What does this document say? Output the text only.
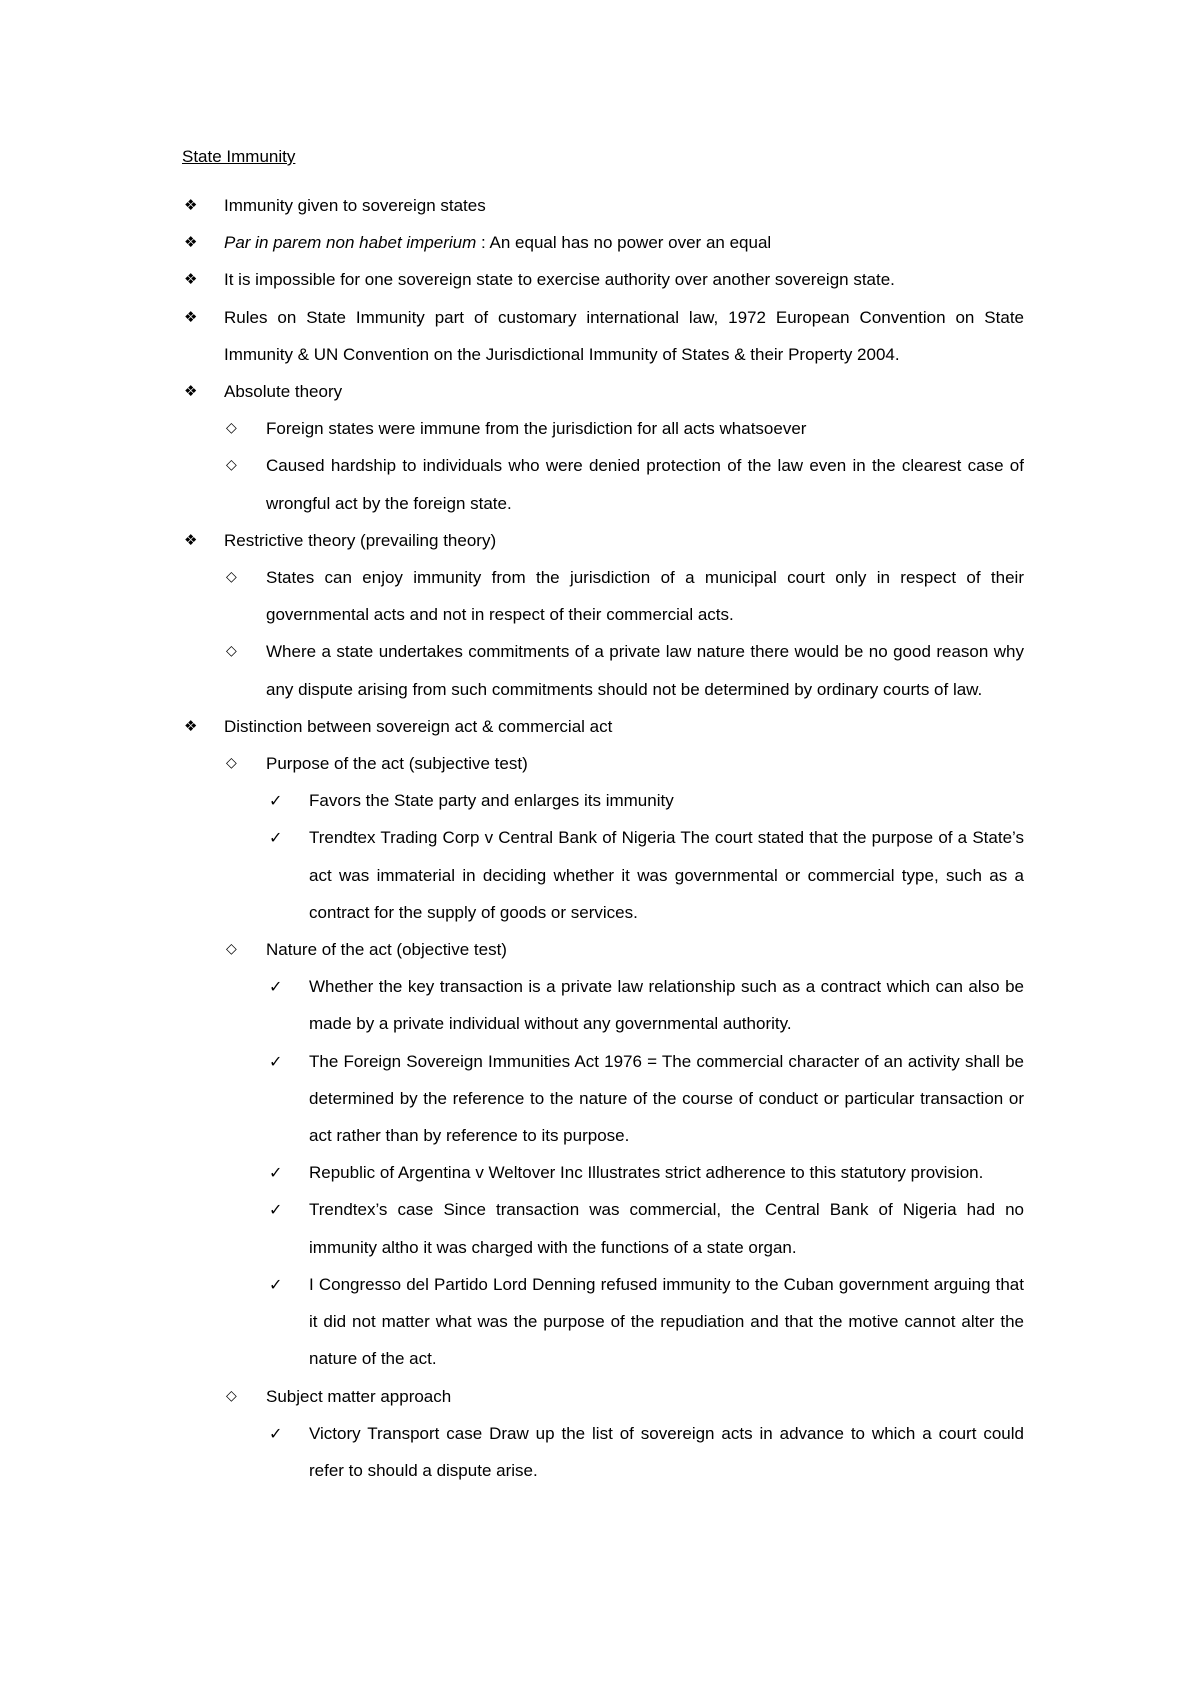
State Immunity
❖ Immunity given to sovereign states
❖ Par in parem non habet imperium : An equal has no power over an equal
❖ It is impossible for one sovereign state to exercise authority over another sovereign state.
❖ Rules on State Immunity part of customary international law, 1972 European Convention on State Immunity & UN Convention on the Jurisdictional Immunity of States & their Property 2004.
❖ Absolute theory
◇ Foreign states were immune from the jurisdiction for all acts whatsoever
◇ Caused hardship to individuals who were denied protection of the law even in the clearest case of wrongful act by the foreign state.
❖ Restrictive theory (prevailing theory)
◇ States can enjoy immunity from the jurisdiction of a municipal court only in respect of their governmental acts and not in respect of their commercial acts.
◇ Where a state undertakes commitments of a private law nature there would be no good reason why any dispute arising from such commitments should not be determined by ordinary courts of law.
❖ Distinction between sovereign act & commercial act
◇ Purpose of the act (subjective test)
✓ Favors the State party and enlarges its immunity
✓ Trendtex Trading Corp v Central Bank of Nigeria The court stated that the purpose of a State’s act was immaterial in deciding whether it was governmental or commercial type, such as a contract for the supply of goods or services.
◇ Nature of the act (objective test)
✓ Whether the key transaction is a private law relationship such as a contract which can also be made by a private individual without any governmental authority.
✓ The Foreign Sovereign Immunities Act 1976 = The commercial character of an activity shall be determined by the reference to the nature of the course of conduct or particular transaction or act rather than by reference to its purpose.
✓ Republic of Argentina v Weltover Inc Illustrates strict adherence to this statutory provision.
✓ Trendtex’s case Since transaction was commercial, the Central Bank of Nigeria had no immunity altho it was charged with the functions of a state organ.
✓ I Congresso del Partido Lord Denning refused immunity to the Cuban government arguing that it did not matter what was the purpose of the repudiation and that the motive cannot alter the nature of the act.
◇ Subject matter approach
✓ Victory Transport case Draw up the list of sovereign acts in advance to which a court could refer to should a dispute arise.
